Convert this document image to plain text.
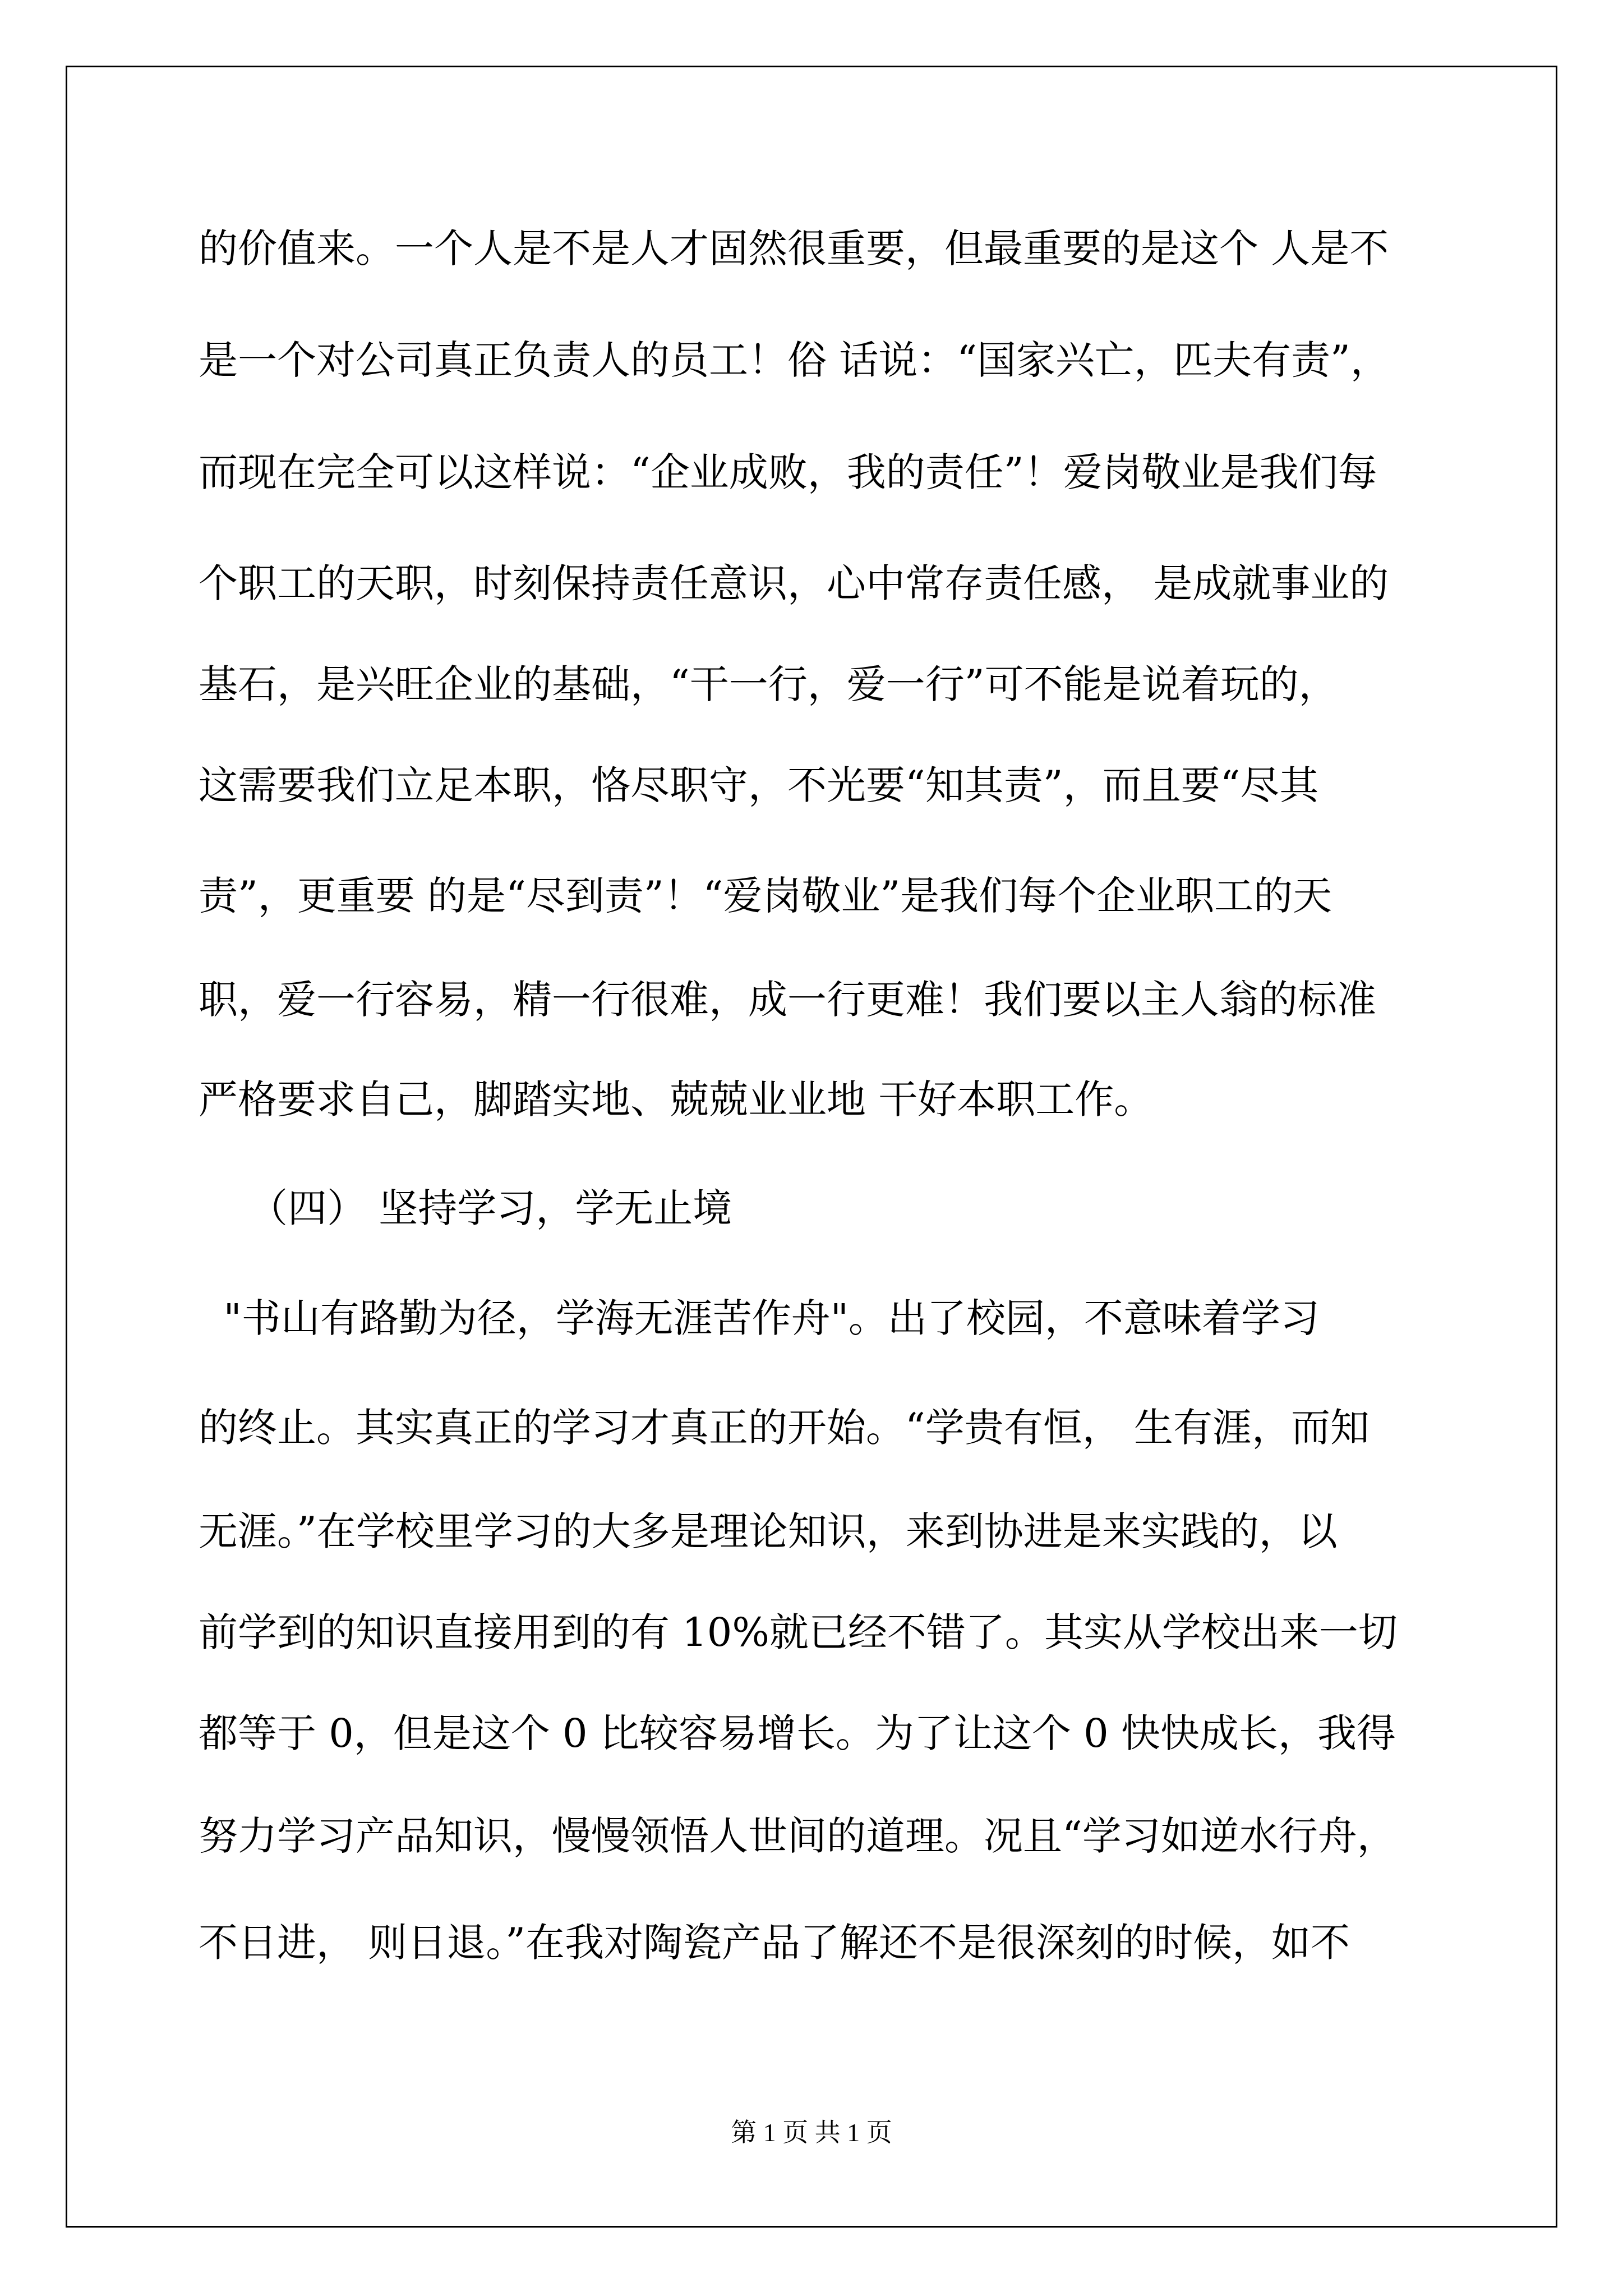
的价值来。一个人是不是人才固然很重要，但最重要的是这个 人是不
是一个对公司真正负责人的员工！俗 话说：“国家兴亡，匹夫有责”，
而现在完全可以这样说：“企业成败，我的责任”！爱岗敬业是我们每
个职工的天职，时刻保持责任意识，心中常存责任感， 是成就事业的
基石，是兴旺企业的基础，“干一行，爱一行”可不能是说着玩的，
这需要我们立足本职，恪尽职守，不光要“知其责”，而且要“尽其
责”，更重要 的是“尽到责”！“爱岗敬业”是我们每个企业职工的天
职，爱一行容易，精一行很难，成一行更难！我们要以主人翁的标准
严格要求自己，脚踏实地、兢兢业业地 干好本职工作。
（四） 坚持学习，学无止境
"书山有路勤为径，学海无涯苦作舟"。出了校园，不意味着学习
的终止。其实真正的学习才真正的开始。“学贵有恒， 生有涯，而知
无涯。”在学校里学习的大多是理论知识，来到协进是来实践的，以
前学到的知识直接用到的有 10%就已经不错了。其实从学校出来一切
都等于 0，但是这个 0 比较容易增长。为了让这个 0 快快成长，我得
努力学习产品知识，慢慢领悟人世间的道理。况且“学习如逆水行舟，
不日进， 则日退。”在我对陶瓷产品了解还不是很深刻的时候，如不
第 1 页 共 1 页
